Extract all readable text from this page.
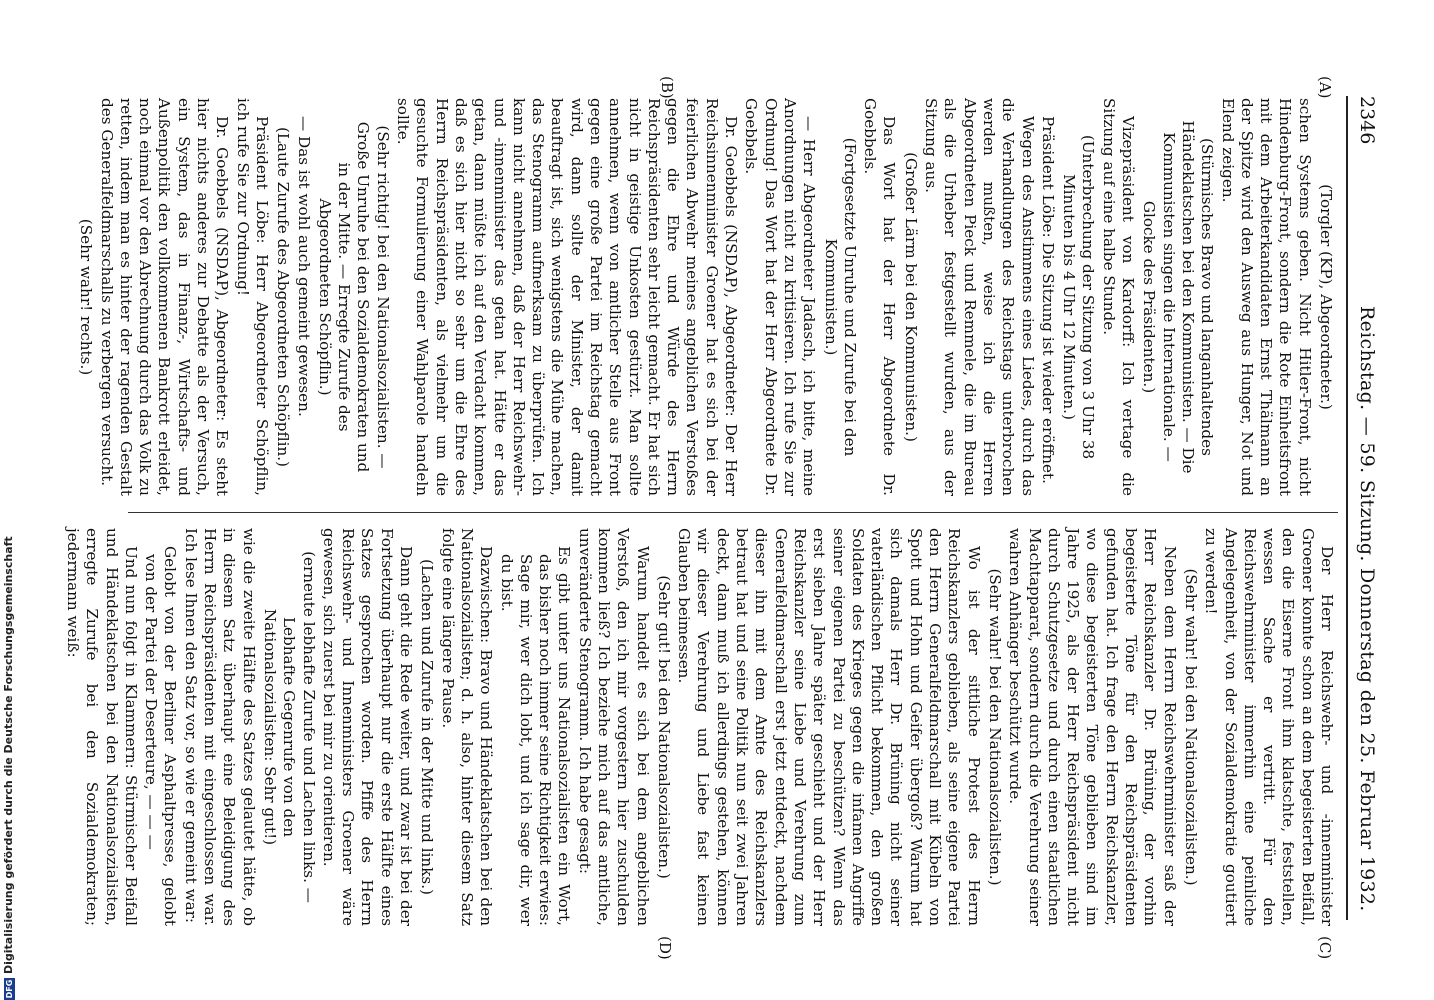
2346
Reichstag. — 59. Sitzung. Donnerstag den 25. Februar 1932.
(A)
(B)
(C)
(D)

(Torgler (KP), Abgeordneter.)

schen Systems geben. Nicht Hitler-Front, nicht Hindenburg-Front, sondern die Rote Einheitsfront mit dem Arbeiterkandidaten Ernst Thälmann an der Spitze wird den Ausweg aus Hunger, Not und Elend zeigen.

(Stürmisches Bravo und langanhaltendes Händeklatschen bei den Kommunisten. — Die Kommunisten singen die Internationale. — Glocke des Präsidenten.)

Vizepräsident von Kardorff: Ich vertage die Sitzung auf eine halbe Stunde.

(Unterbrechung der Sitzung von 3 Uhr 38 Minuten bis 4 Uhr 12 Minuten.)

Präsident Löbe: Die Sitzung ist wieder eröffnet.

Wegen des Anstimmens eines Liedes, durch das die Verhandlungen des Reichstags unterbrochen werden mußten, weise ich die Herren Abgeordneten Pieck und Remmele, die im Bureau als die Urheber festgestellt wurden, aus der Sitzung aus.

(Großer Lärm bei den Kommunisten.)

Das Wort hat der Herr Abgeordnete Dr. Goebbels.

(Fortgesetzte Unruhe und Zurufe bei den Kommunisten.)

— Herr Abgeordneter Jadasch, ich bitte, meine Anordnungen nicht zu kritisieren. Ich rufe Sie zur Ordnung! Das Wort hat der Herr Abgeordnete Dr. Goebbels.

Dr. Goebbels (NSDAP), Abgeordneter: Der Herr Reichsinnenminister Groener hat es sich bei der feierlichen Abwehr meines angeblichen Verstoßes gegen die Ehre und Würde des Herrn Reichspräsidenten sehr leicht gemacht. Er hat sich nicht in geistige Unkosten gestürzt. Man sollte annehmen, wenn von amtlicher Stelle aus Front gegen eine große Partei im Reichstag gemacht wird, dann sollte der Minister, der damit beauftragt ist, sich wenigstens die Mühe machen, das Stenogramm aufmerksam zu überprüfen. Ich kann nicht annehmen, daß der Herr Reichswehr- und -innenminister das getan hat. Hätte er das getan, dann müßte ich auf den Verdacht kommen, daß es sich hier nicht so sehr um die Ehre des Herrn Reichspräsidenten, als vielmehr um die gesuchte Formulierung einer Wahlparole handeln sollte.

(Sehr richtig! bei den Nationalsozialisten. — Große Unruhe bei den Sozialdemokraten und in der Mitte. — Erregte Zurufe des Abgeordneten Schöpflin.)

— Das ist wohl auch gemeint gewesen.

(Laute Zurufe des Abgeordneten Schöpflin.)

Präsident Löbe: Herr Abgeordneter Schöpflin, ich rufe Sie zur Ordnung!

Dr. Goebbels (NSDAP), Abgeordneter: Es steht hier nichts anderes zur Debatte als der Versuch, ein System, das in Finanz-, Wirtschafts- und Außenpolitik den vollkommenen Bankrott erleidet, noch einmal vor den Abrechnung durch das Volk zu retten, indem man es hinter der ragenden Gestalt des Generalfeldmarschalls zu verbergen versucht.

(Sehr wahr! rechts.)

Der Herr Reichswehr- und -innenminister Groener konnte schon an dem begeisterten Beifall, den die Eiserne Front ihm klatschte, feststellen, wessen Sache er vertritt. Für den Reichswehrminister immerhin eine peinliche Angelegenheit, von der Sozialdemokratie goutiert zu werden!

(Sehr wahr! bei den Nationalsozialisten.)

Neben dem Herrn Reichswehrminister saß der Herr Reichskanzler Dr. Brüning, der vorhin begeisterte Töne für den Reichspräsidenten gefunden hat. Ich frage den Herrn Reichskanzler, wo diese begeisterten Töne geblieben sind im Jahre 1925, als der Herr Reichspräsident nicht durch Schutzgesetze und durch einen staatlichen Machtapparat, sondern durch die Verehrung seiner wahren Anhänger beschützt wurde.

(Sehr wahr! bei den Nationalsozialisten.)

Wo ist der sittliche Protest des Herrn Reichskanzlers geblieben, als seine eigene Partei den Herrn Generalfeldmarschall mit Kübeln von Spott und Hohn und Geifer übergoß? Warum hat sich damals Herr Dr. Brüning nicht seiner vaterländischen Pflicht bekommen, den großen Soldaten des Krieges gegen die infamen Angriffe seiner eigenen Partei zu beschützen? Wenn das erst sieben Jahre später geschieht und der Herr Reichskanzler seine Liebe und Verehrung zum Generalfeldmarschall erst jetzt entdeckt, nachdem dieser ihn mit dem Amte des Reichskanzlers betraut hat und seine Politik nun seit zwei Jahren deckt, dann muß ich allerdings gestehen, können wir dieser Verehrung und Liebe fast keinen Glauben beimessen.

(Sehr gut! bei den Nationalsozialisten.)

Warum handelt es sich bei dem angeblichen Verstoß, den ich mir vorgestern hier zuschulden kommen ließ? Ich beziehe mich auf das amtliche, unveränderte Stenogramm. Ich habe gesagt:

Es gibt unter uns Nationalsozialisten ein Wort, das bisher noch immer seine Richtigkeit erwies: Sage mir, wer dich lobt, und ich sage dir, wer du bist.

Dazwischen: Bravo und Händeklatschen bei den Nationalsozialisten; d. h. also, hinter diesem Satz folgte eine längere Pause.

(Lachen und Zurufe in der Mitte und links.)

Dann geht die Rede weiter, und zwar ist bei der Fortsetzung überhaupt nur die erste Hälfte eines Satzes gesprochen worden. Pfiffe des Herrn Reichswehr- und Innenministers Groener wäre gewesen, sich zuerst bei mir zu orientieren.

(erneute lebhafte Zurufe und Lachen links. — Lebhafte Gegenrufe von den Nationalsozialisten: Sehr gut!)

wie die zweite Hälfte des Satzes gelautet hätte, ob in diesem Satz überhaupt eine Beleidigung des Herrn Reichspräsidenten mit eingeschlossen war. Ich lese Ihnen den Satz vor, so wie er gemeint war:

Gelobt von der Berliner Asphaltpresse, gelobt von der Partei der Deserteure, — — —

Und nun folgt in Klammern: Stürmischer Beifall und Händeklatschen bei den Nationalsozialisten, erregte Zurufe bei den Sozialdemokraten; jedermann weiß:

DFGDigitalisierung gefördert durch die Deutsche Forschungsgemeinschaft
